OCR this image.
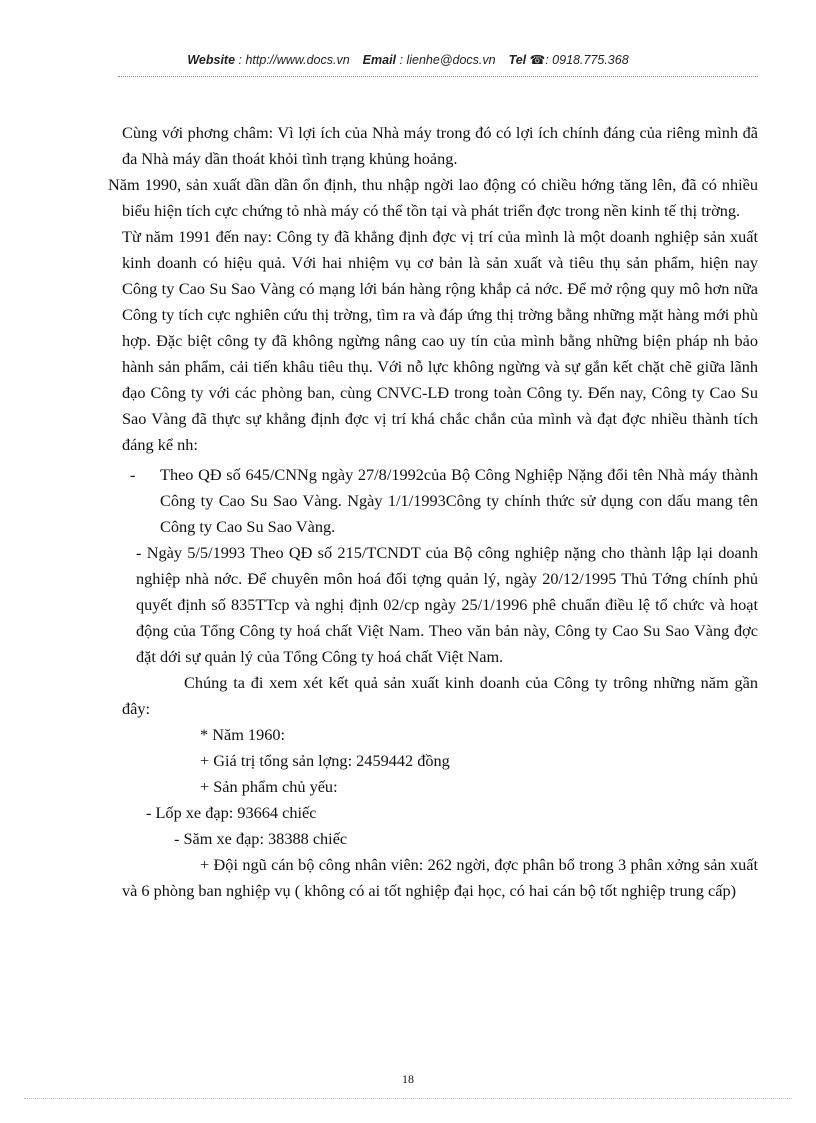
Website : http://www.docs.vn Email : lienhe@docs.vn Tel ☎: 0918.775.368

Cùng với phơng châm: Vì lợi ích của Nhà máy trong đó có lợi ích chính đáng của riêng mình đã đa Nhà máy dần thoát khỏi tình trạng khủng hoảng.

Năm 1990, sản xuất dần dần ổn định, thu nhập ngời lao động có chiều hớng tăng lên, đã có nhiều biểu hiện tích cực chứng tỏ nhà máy có thể tồn tại và phát triển đợc trong nền kinh tế thị trờng.

Từ năm 1991 đến nay: Công ty đã khẳng định đợc vị trí của mình là một doanh nghiệp sản xuất kinh doanh có hiệu quả. Với hai nhiệm vụ cơ bản là sản xuất và tiêu thụ sản phẩm, hiện nay Công ty Cao Su Sao Vàng có mạng lới bán hàng rộng khắp cả nớc. Để mở rộng quy mô hơn nữa Công ty tích cực nghiên cứu thị trờng, tìm ra và đáp ứng thị trờng bằng những mặt hàng mới phù hợp. Đặc biệt công ty đã không ngừng nâng cao uy tín của mình bằng những biện pháp nh bảo hành sản phẩm, cải tiến khâu tiêu thụ. Với nỗ lực không ngừng và sự gắn kết chặt chẽ giữa lãnh đạo Công ty với các phòng ban, cùng CNVC-LĐ trong toàn Công ty. Đến nay, Công ty Cao Su Sao Vàng đã thực sự khẳng định đợc vị trí khá chắc chắn của mình và đạt đợc nhiều thành tích đáng kể nh:

- Theo QĐ số 645/CNNg ngày 27/8/1992của Bộ Công Nghiệp Nặng đổi tên Nhà máy thành Công ty Cao Su Sao Vàng. Ngày 1/1/1993Công ty chính thức sử dụng con dấu mang tên Công ty Cao Su Sao Vàng.

- Ngày 5/5/1993 Theo QĐ số 215/TCNDT của Bộ công nghiệp nặng cho thành lập lại doanh nghiệp nhà nớc. Để chuyên môn hoá đối tợng quản lý, ngày 20/12/1995 Thủ Tớng chính phủ quyết định số 835TTcp và nghị định 02/cp ngày 25/1/1996 phê chuẩn điều lệ tổ chức và hoạt động của Tổng Công ty hoá chất Việt Nam. Theo văn bản này, Công ty Cao Su Sao Vàng đợc đặt dới sự quản lý của Tổng Công ty hoá chất Việt Nam.

Chúng ta đi xem xét kết quả sản xuất kinh doanh của Công ty trông những năm gần đây:

* Năm 1960:

+ Giá trị tổng sản lợng: 2459442 đồng

+ Sản phẩm chủ yếu:

- Lốp xe đạp: 93664 chiếc

- Săm xe đạp: 38388 chiếc

+ Đội ngũ cán bộ công nhân viên: 262 ngời, đợc phân bổ trong 3 phân xởng sản xuất và 6 phòng ban nghiệp vụ ( không có ai tốt nghiệp đại học, có hai cán bộ tốt nghiệp trung cấp)

18
